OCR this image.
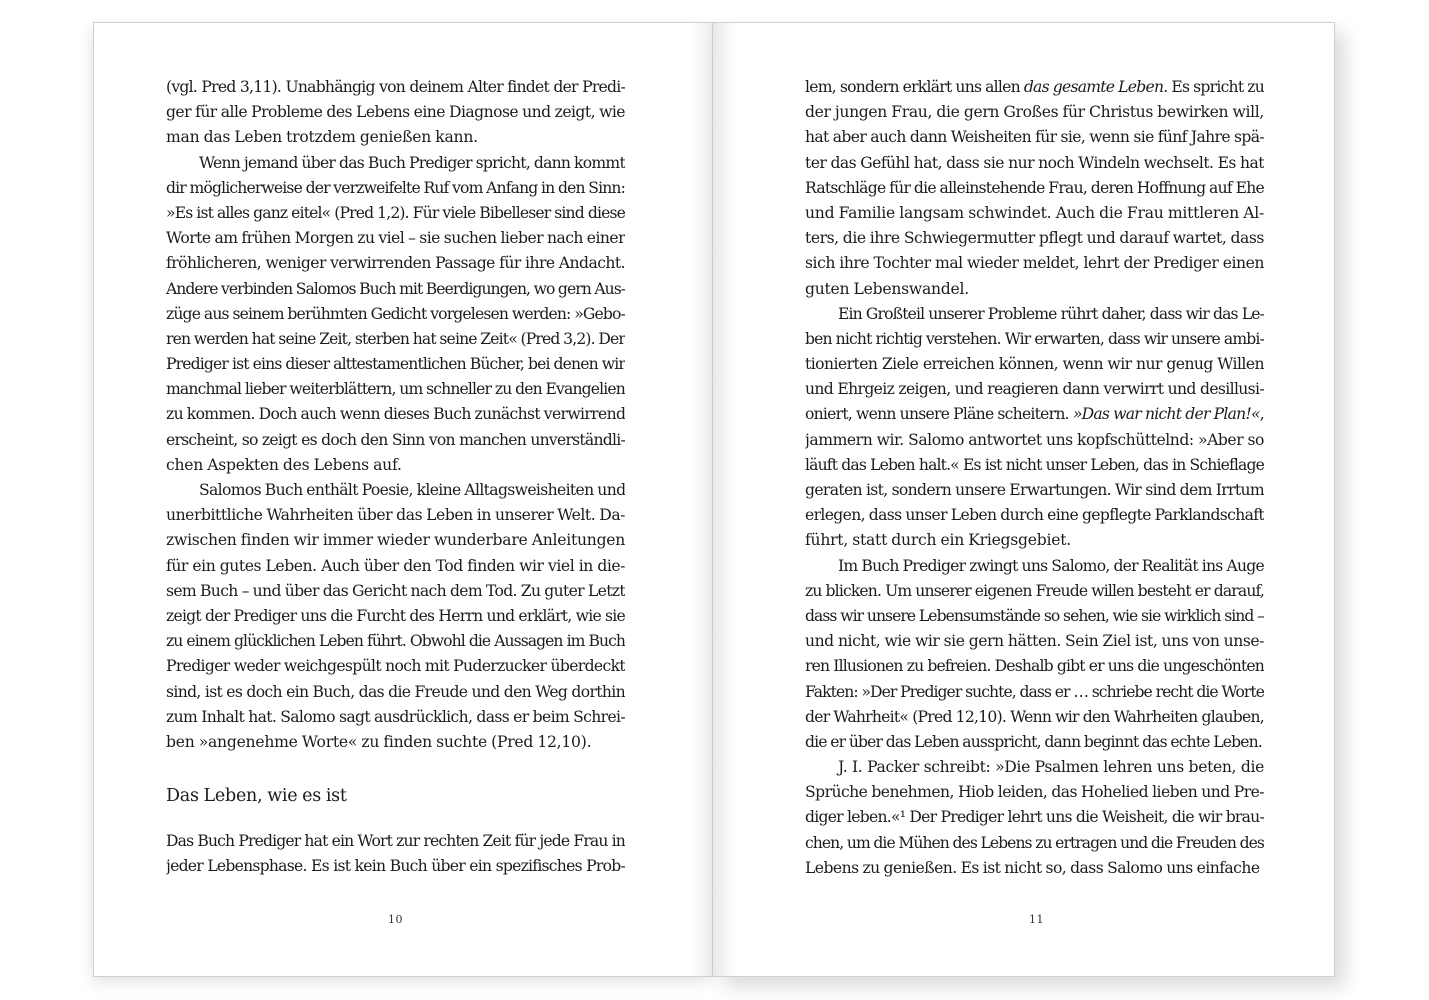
(vgl. Pred 3,11). Unabhängig von deinem Alter findet der Predi-
ger für alle Probleme des Lebens eine Diagnose und zeigt, wie
man das Leben trotzdem genießen kann.
Wenn jemand über das Buch Prediger spricht, dann kommt
dir möglicherweise der verzweifelte Ruf vom Anfang in den Sinn:
»Es ist alles ganz eitel« (Pred 1,2). Für viele Bibelleser sind diese
Worte am frühen Morgen zu viel – sie suchen lieber nach einer
fröhlicheren, weniger verwirrenden Passage für ihre Andacht.
Andere verbinden Salomos Buch mit Beerdigungen, wo gern Aus-
züge aus seinem berühmten Gedicht vorgelesen werden: »Gebo-
ren werden hat seine Zeit, sterben hat seine Zeit« (Pred 3,2). Der
Prediger ist eins dieser alttestamentlichen Bücher, bei denen wir
manchmal lieber weiterblättern, um schneller zu den Evangelien
zu kommen. Doch auch wenn dieses Buch zunächst verwirrend
erscheint, so zeigt es doch den Sinn von manchen unverständli-
chen Aspekten des Lebens auf.
Salomos Buch enthält Poesie, kleine Alltagsweisheiten und
unerbittliche Wahrheiten über das Leben in unserer Welt. Da-
zwischen finden wir immer wieder wunderbare Anleitungen
für ein gutes Leben. Auch über den Tod finden wir viel in die-
sem Buch – und über das Gericht nach dem Tod. Zu guter Letzt
zeigt der Prediger uns die Furcht des Herrn und erklärt, wie sie
zu einem glücklichen Leben führt. Obwohl die Aussagen im Buch
Prediger weder weichgespült noch mit Puderzucker überdeckt
sind, ist es doch ein Buch, das die Freude und den Weg dorthin
zum Inhalt hat. Salomo sagt ausdrücklich, dass er beim Schrei-
ben »angenehme Worte« zu finden suchte (Pred 12,10).
Das Leben, wie es ist
Das Buch Prediger hat ein Wort zur rechten Zeit für jede Frau in
jeder Lebensphase. Es ist kein Buch über ein spezifisches Prob-
10
lem, sondern erklärt uns allen das gesamte Leben. Es spricht zu
der jungen Frau, die gern Großes für Christus bewirken will,
hat aber auch dann Weisheiten für sie, wenn sie fünf Jahre spä-
ter das Gefühl hat, dass sie nur noch Windeln wechselt. Es hat
Ratschläge für die alleinstehende Frau, deren Hoffnung auf Ehe
und Familie langsam schwindet. Auch die Frau mittleren Al-
ters, die ihre Schwiegermutter pflegt und darauf wartet, dass
sich ihre Tochter mal wieder meldet, lehrt der Prediger einen
guten Lebenswandel.
Ein Großteil unserer Probleme rührt daher, dass wir das Le-
ben nicht richtig verstehen. Wir erwarten, dass wir unsere ambi-
tionierten Ziele erreichen können, wenn wir nur genug Willen
und Ehrgeiz zeigen, und reagieren dann verwirrt und desillusi-
oniert, wenn unsere Pläne scheitern. »Das war nicht der Plan!«,
jammern wir. Salomo antwortet uns kopfschüttelnd: »Aber so
läuft das Leben halt.« Es ist nicht unser Leben, das in Schieflage
geraten ist, sondern unsere Erwartungen. Wir sind dem Irrtum
erlegen, dass unser Leben durch eine gepflegte Parklandschaft
führt, statt durch ein Kriegsgebiet.
Im Buch Prediger zwingt uns Salomo, der Realität ins Auge
zu blicken. Um unserer eigenen Freude willen besteht er darauf,
dass wir unsere Lebensumstände so sehen, wie sie wirklich sind –
und nicht, wie wir sie gern hätten. Sein Ziel ist, uns von unse-
ren Illusionen zu befreien. Deshalb gibt er uns die ungeschönten
Fakten: »Der Prediger suchte, dass er … schriebe recht die Worte
der Wahrheit« (Pred 12,10). Wenn wir den Wahrheiten glauben,
die er über das Leben ausspricht, dann beginnt das echte Leben.
J. I. Packer schreibt: »Die Psalmen lehren uns beten, die
Sprüche benehmen, Hiob leiden, das Hohelied lieben und Pre-
diger leben.«¹ Der Prediger lehrt uns die Weisheit, die wir brau-
chen, um die Mühen des Lebens zu ertragen und die Freuden des
Lebens zu genießen. Es ist nicht so, dass Salomo uns einfache
11
